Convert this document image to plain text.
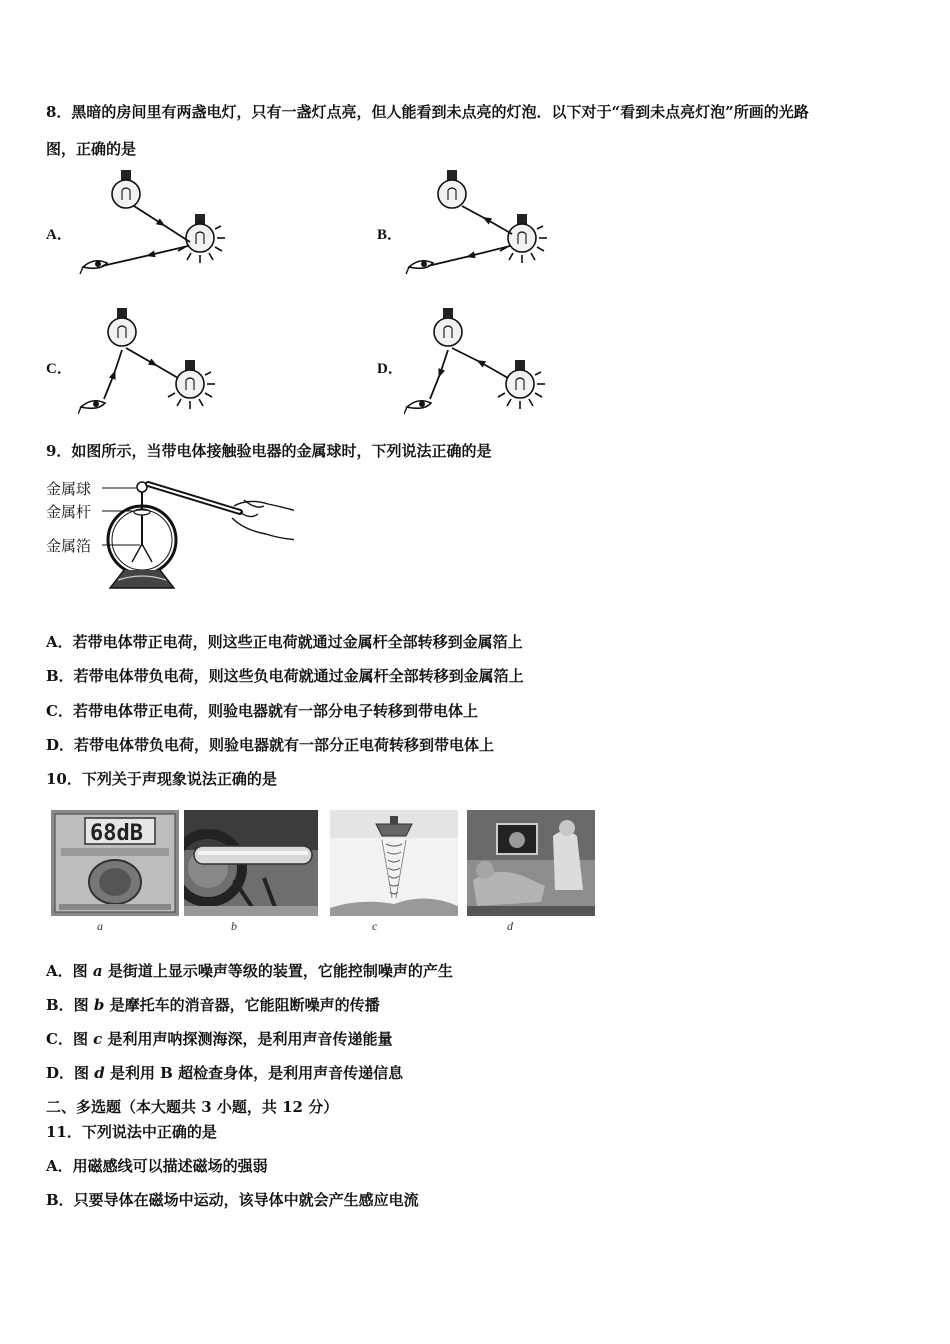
8．黑暗的房间里有两盏电灯，只有一盏灯点亮，但人能看到未点亮的灯泡．以下对于“看到未点亮灯泡”所画的光路
图，正确的是
A．	B．
C．	D．
9．如图所示，当带电体接触验电器的金属球时，下列说法正确的是
金属球
金属杆
金属箔
A．若带电体带正电荷，则这些正电荷就通过金属杆全部转移到金属箔上
B．若带电体带负电荷，则这些负电荷就通过金属杆全部转移到金属箔上
C．若带电体带正电荷，则验电器就有一部分电子转移到带电体上
D．若带电体带负电荷，则验电器就有一部分正电荷转移到带电体上
10．下列关于声现象说法正确的是
68dB
a	b	c	d
A．图 a 是街道上显示噪声等级的装置，它能控制噪声的产生
B．图 b 是摩托车的消音器，它能阻断噪声的传播
C．图 c 是利用声呐探测海深，是利用声音传递能量
D．图 d 是利用 B 超检查身体，是利用声音传递信息
二、多选题（本大题共 3 小题，共 12 分）
11．下列说法中正确的是
A．用磁感线可以描述磁场的强弱
B．只要导体在磁场中运动，该导体中就会产生感应电流
